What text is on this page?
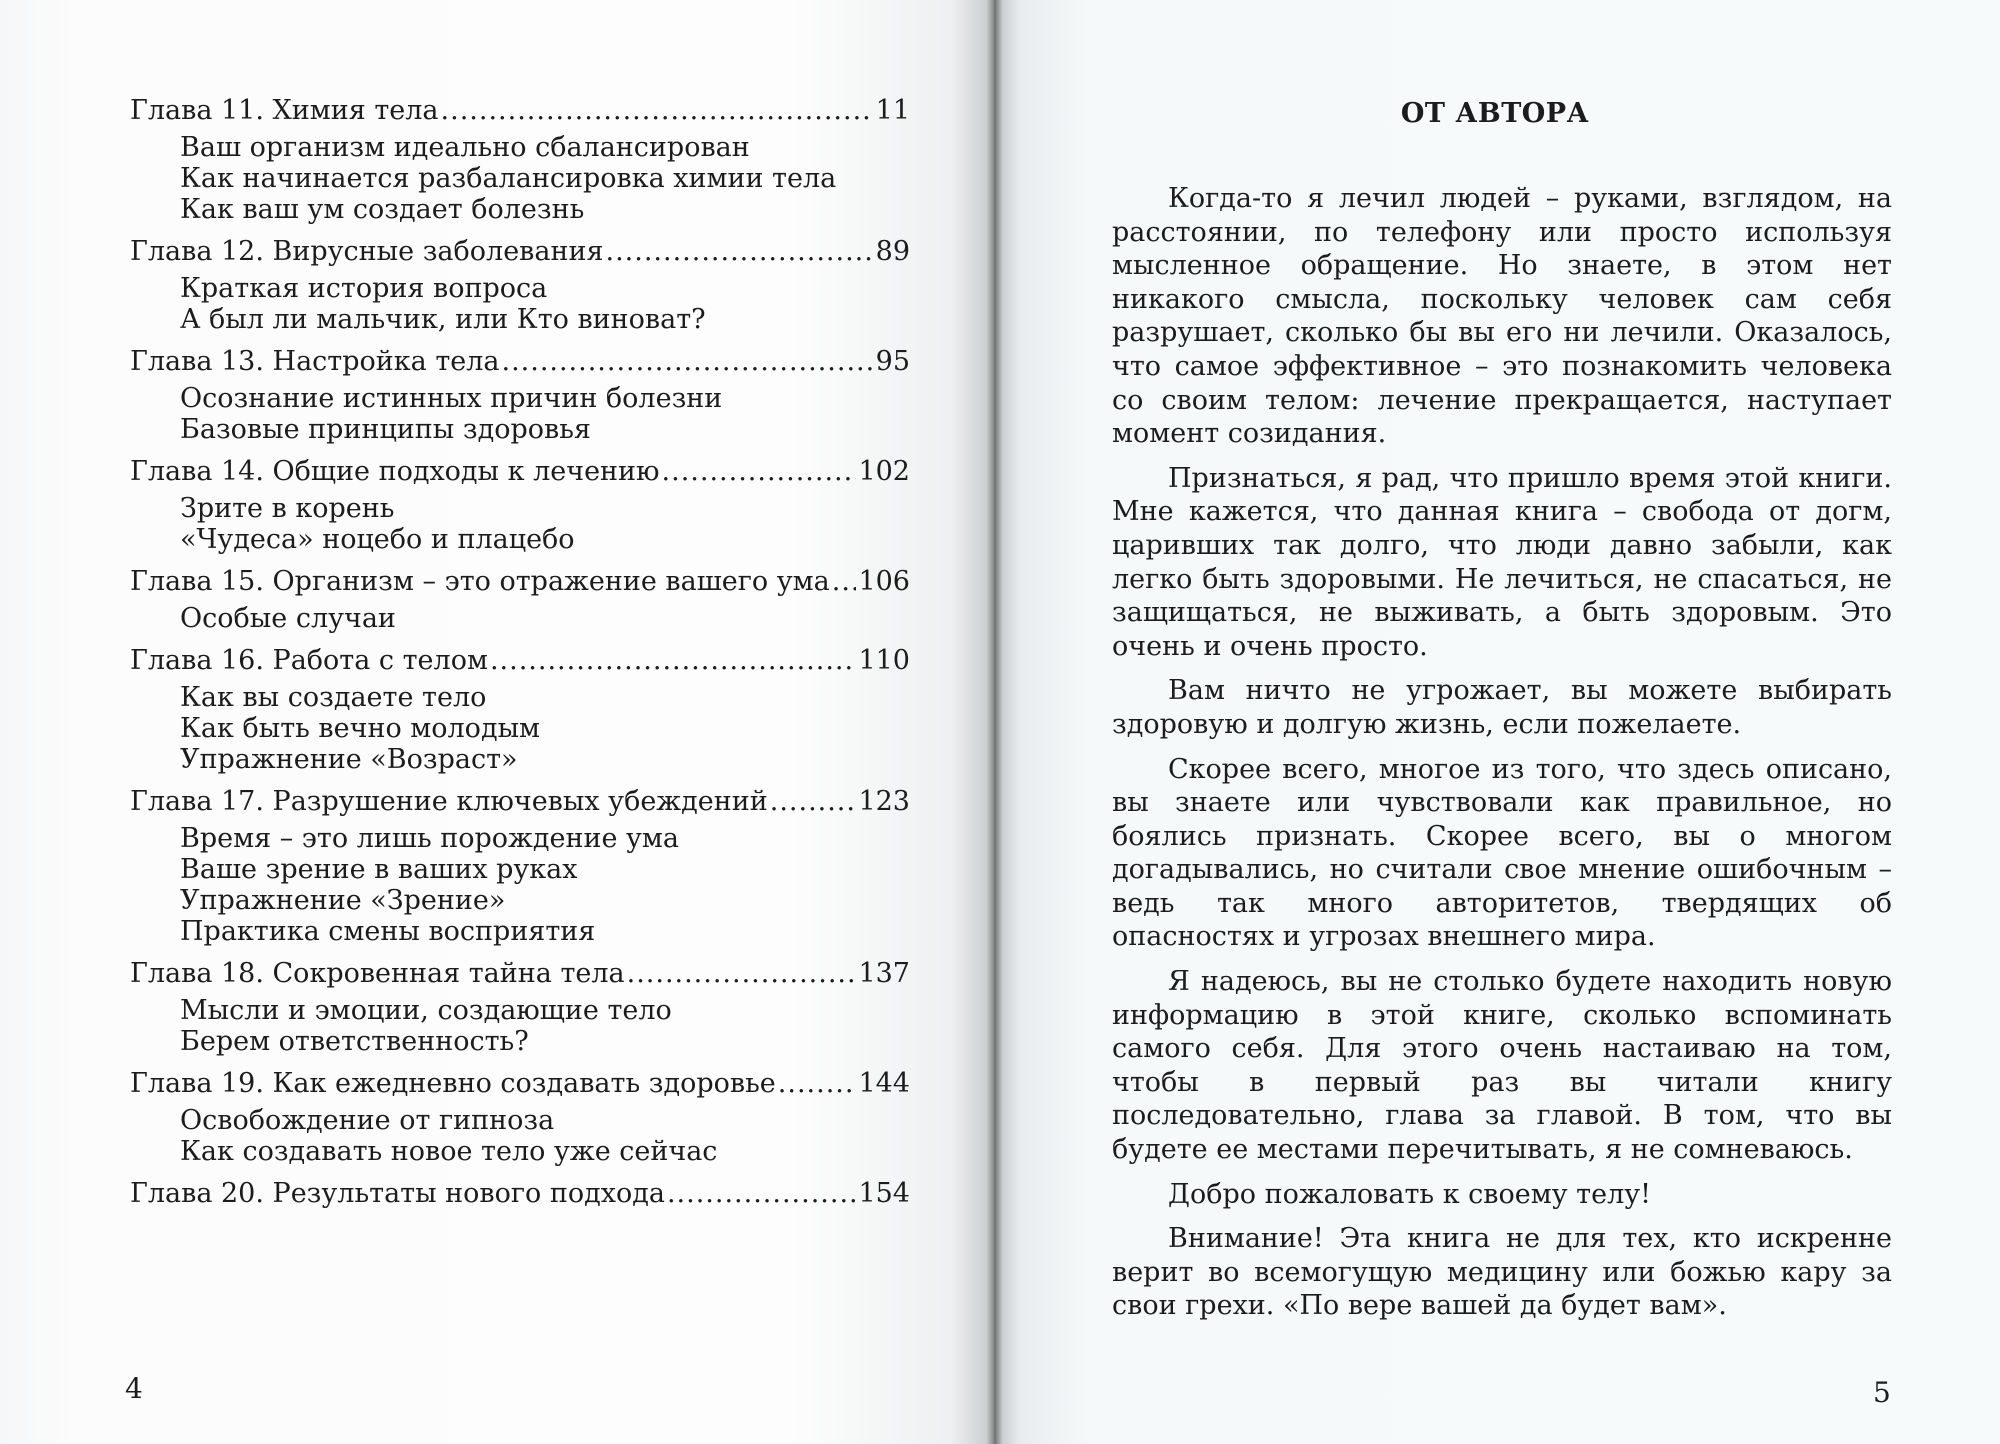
Глава 11. Химия тела .....	11
Ваш организм идеально сбалансирован
Как начинается разбалансировка химии тела
Как ваш ум создает болезнь
Глава 12. Вирусные заболевания .....	89
Краткая история вопроса
А был ли мальчик, или Кто виноват?
Глава 13. Настройка тела .....	95
Осознание истинных причин болезни
Базовые принципы здоровья
Глава 14. Общие подходы к лечению .....	102
Зрите в корень
«Чудеса» ноцебо и плацебо
Глава 15. Организм – это отражение вашего ума ..... 106
Особые случаи
Глава 16. Работа с телом .....	110
Как вы создаете тело
Как быть вечно молодым
Упражнение «Возраст»
Глава 17. Разрушение ключевых убеждений .....	123
Время – это лишь порождение ума
Ваше зрение в ваших руках
Упражнение «Зрение»
Практика смены восприятия
Глава 18. Сокровенная тайна тела .....	137
Мысли и эмоции, создающие тело
Берем ответственность?
Глава 19. Как ежедневно создавать здоровье .....	144
Освобождение от гипноза
Как создавать новое тело уже сейчас
Глава 20. Результаты нового подхода .....	154
4
ОТ АВТОРА

Когда-то я лечил людей – руками, взглядом, на расстоянии, по телефону или просто используя мысленное обращение. Но знаете, в этом нет никакого смысла, поскольку человек сам себя разрушает, сколько бы вы его ни лечили. Оказалось, что самое эффективное – это познакомить человека со своим телом: лечение прекращается, наступает момент созидания.

Признаться, я рад, что пришло время этой книги. Мне кажется, что данная книга – свобода от догм, царивших так долго, что люди давно забыли, как легко быть здоровыми. Не лечиться, не спасаться, не защищаться, не выживать, а быть здоровым. Это очень и очень просто.

Вам ничто не угрожает, вы можете выбирать здоровую и долгую жизнь, если пожелаете.

Скорее всего, многое из того, что здесь описано, вы знаете или чувствовали как правильное, но боялись признать. Скорее всего, вы о многом догадывались, но считали свое мнение ошибочным – ведь так много авторитетов, твердящих об опасностях и угрозах внешнего мира.

Я надеюсь, вы не столько будете находить новую информацию в этой книге, сколько вспоминать самого себя. Для этого очень настаиваю на том, чтобы в первый раз вы читали книгу последовательно, глава за главой. В том, что вы будете ее местами перечитывать, я не сомневаюсь.

Добро пожаловать к своему телу!

Внимание! Эта книга не для тех, кто искренне верит во всемогущую медицину или божью кару за свои грехи. «По вере вашей да будет вам».

5
